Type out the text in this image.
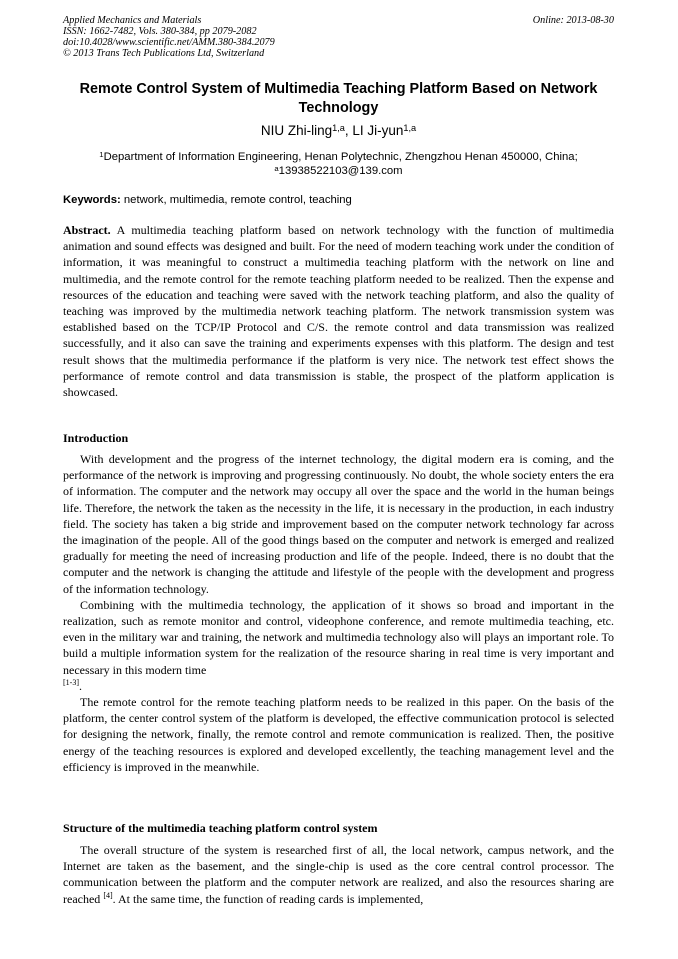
Applied Mechanics and Materials
ISSN: 1662-7482, Vols. 380-384, pp 2079-2082
doi:10.4028/www.scientific.net/AMM.380-384.2079
© 2013 Trans Tech Publications Ltd, Switzerland
Online: 2013-08-30
Remote Control System of Multimedia Teaching Platform Based on Network Technology
NIU Zhi-ling$^{1,a}$, LI Ji-yun$^{1,a}$
$^1$Department of Information Engineering, Henan Polytechnic, Zhengzhou Henan 450000, China;
$^a$13938522103@139.com
Keywords: network, multimedia, remote control, teaching

Abstract. A multimedia teaching platform based on network technology with the function of multimedia animation and sound effects was designed and built. For the need of modern teaching work under the condition of information, it was meaningful to construct a multimedia teaching platform with the network on line and multimedia, and the remote control for the remote teaching platform needed to be realized. Then the expense and resources of the education and teaching were saved with the network teaching platform, and also the quality of teaching was improved by the multimedia network teaching platform. The network transmission system was established based on the TCP/IP Protocol and C/S. the remote control and data transmission was realized successfully, and it also can save the training and experiments expenses with this platform. The design and test result shows that the multimedia performance if the platform is very nice. The network test effect shows the performance of remote control and data transmission is stable, the prospect of the platform application is showcased.

Introduction

With development and the progress of the internet technology, the digital modern era is coming, and the performance of the network is improving and progressing continuously. No doubt, the whole society enters the era of information. The computer and the network may occupy all over the space and the world in the human beings life. Therefore, the network the taken as the necessity in the life, it is necessary in the production, in each industry field. The society has taken a big stride and improvement based on the computer network technology far across the imagination of the people. All of the good things based on the computer and network is emerged and realized gradually for meeting the need of increasing production and life of the people. Indeed, there is no doubt that the computer and the network is changing the attitude and lifestyle of the people with the development and progress of the information technology.

Combining with the multimedia technology, the application of it shows so broad and important in the realization, such as remote monitor and control, videophone conference, and remote multimedia teaching, etc. even in the military war and training, the network and multimedia technology also will plays an important role. To build a multiple information system for the realization of the resource sharing in real time is very important and necessary in this modern time
[1-3].

The remote control for the remote teaching platform needs to be realized in this paper. On the basis of the platform, the center control system of the platform is developed, the effective communication protocol is selected for designing the network, finally, the remote control and remote communication is realized. Then, the positive energy of the teaching resources is explored and developed excellently, the teaching management level and the efficiency is improved in the meanwhile.

Structure of the multimedia teaching platform control system

The overall structure of the system is researched first of all, the local network, campus network, and the Internet are taken as the basement, and the single-chip is used as the core central control processor. The communication between the platform and the computer network are realized, and also the resources sharing are reached [4]. At the same time, the function of reading cards is implemented,
